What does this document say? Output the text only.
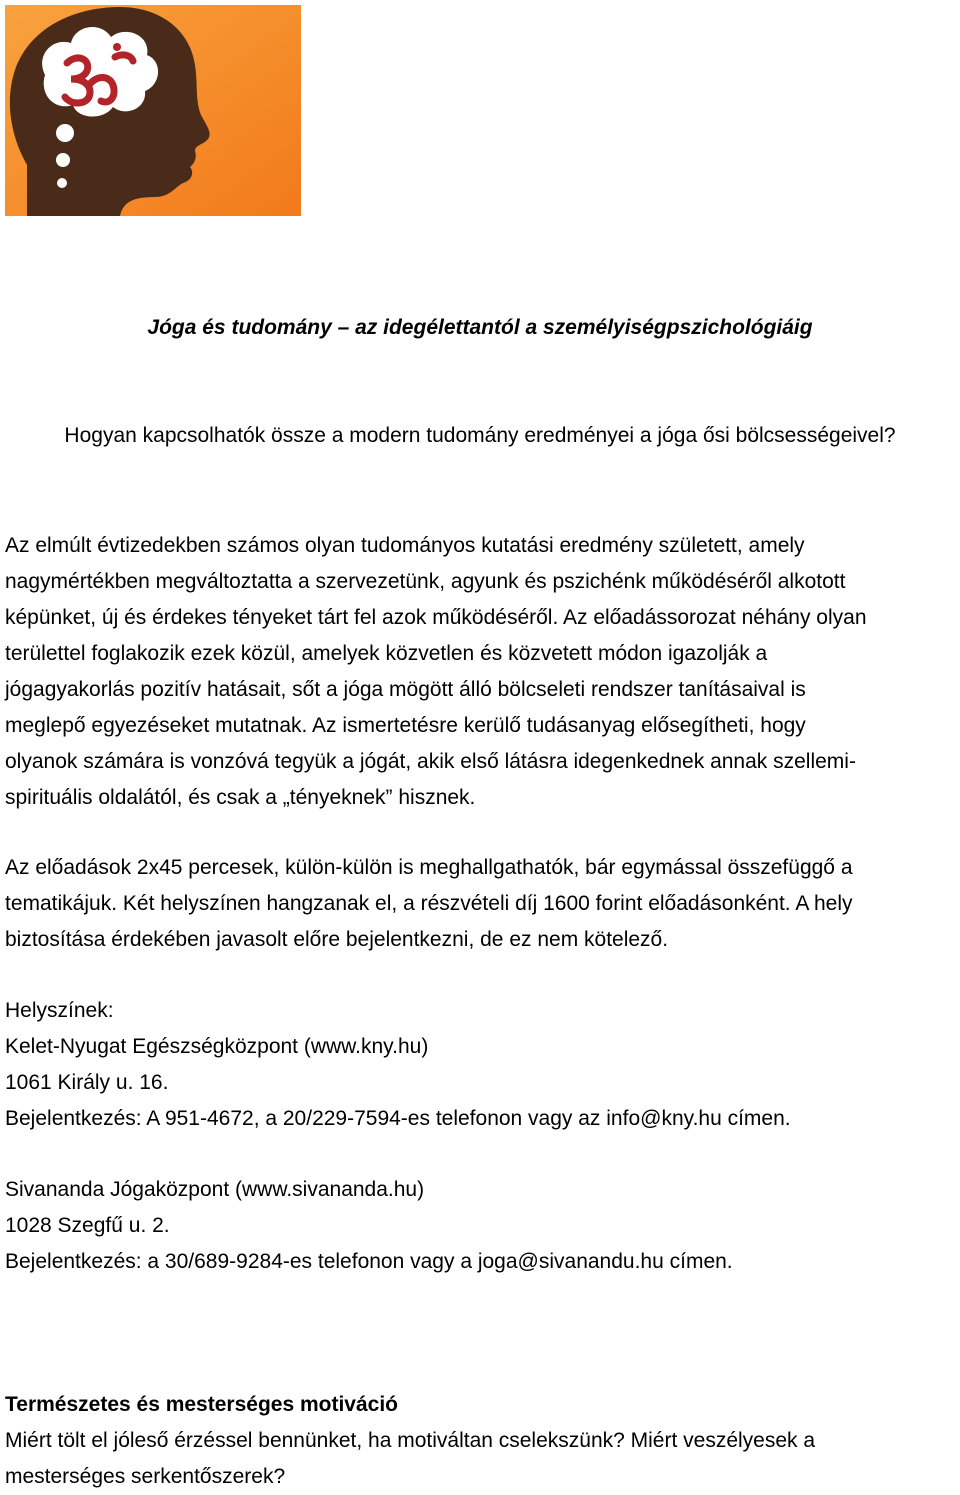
Jóga és tudomány – az idegélettantól a személyiségpszichológiáig
Hogyan kapcsolhatók össze a modern tudomány eredményei a jóga ősi bölcsességeivel?
Az elmúlt évtizedekben számos olyan tudományos kutatási eredmény született, amely
nagymértékben megváltoztatta a szervezetünk, agyunk és pszichénk működéséről alkotott
képünket, új és érdekes tényeket tárt fel azok működéséről. Az előadássorozat néhány olyan
területtel foglakozik ezek közül, amelyek közvetlen és közvetett módon igazolják a
jógagyakorlás pozitív hatásait, sőt a jóga mögött álló bölcseleti rendszer tanításaival is
meglepő egyezéseket mutatnak. Az ismertetésre kerülő tudásanyag elősegítheti, hogy
olyanok számára is vonzóvá tegyük a jógát, akik első látásra idegenkednek annak szellemi-
spirituális oldalától, és csak a „tényeknek” hisznek.
Az előadások 2x45 percesek, külön-külön is meghallgathatók, bár egymással összefüggő a
tematikájuk. Két helyszínen hangzanak el, a részvételi díj 1600 forint előadásonként. A hely
biztosítása érdekében javasolt előre bejelentkezni, de ez nem kötelező.
Helyszínek:
Kelet-Nyugat Egészségközpont (www.kny.hu)
1061 Király u. 16.
Bejelentkezés: A 951-4672, a 20/229-7594-es telefonon vagy az info@kny.hu címen.
Sivananda Jógaközpont (www.sivananda.hu)
1028 Szegfű u. 2.
Bejelentkezés: a 30/689-9284-es telefonon vagy a joga@sivanandu.hu címen.
Természetes és mesterséges motiváció
Miért tölt el jóleső érzéssel bennünket, ha motiváltan cselekszünk? Miért veszélyesek a
mesterséges serkentőszerek?
